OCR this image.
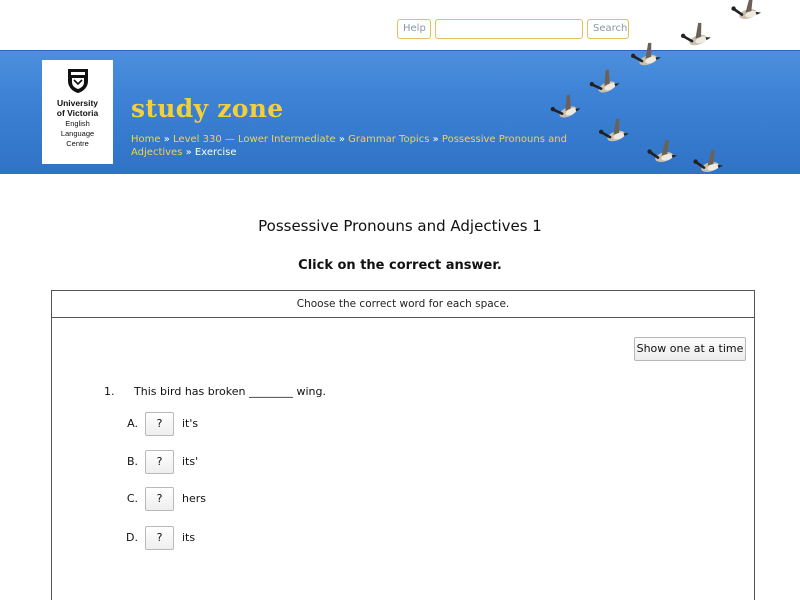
Help	Search
University
of Victoria
English
Language
Centre
study zone
Home » Level 330 — Lower Intermediate » Grammar Topics » Possessive Pronouns and
Adjectives » Exercise
Possessive Pronouns and Adjectives 1
Click on the correct answer.
Choose the correct word for each space.
Show one at a time
1. This bird has broken ________ wing.
A.	?	it's
B.	?	its'
C.	?	hers
D.	?	its
